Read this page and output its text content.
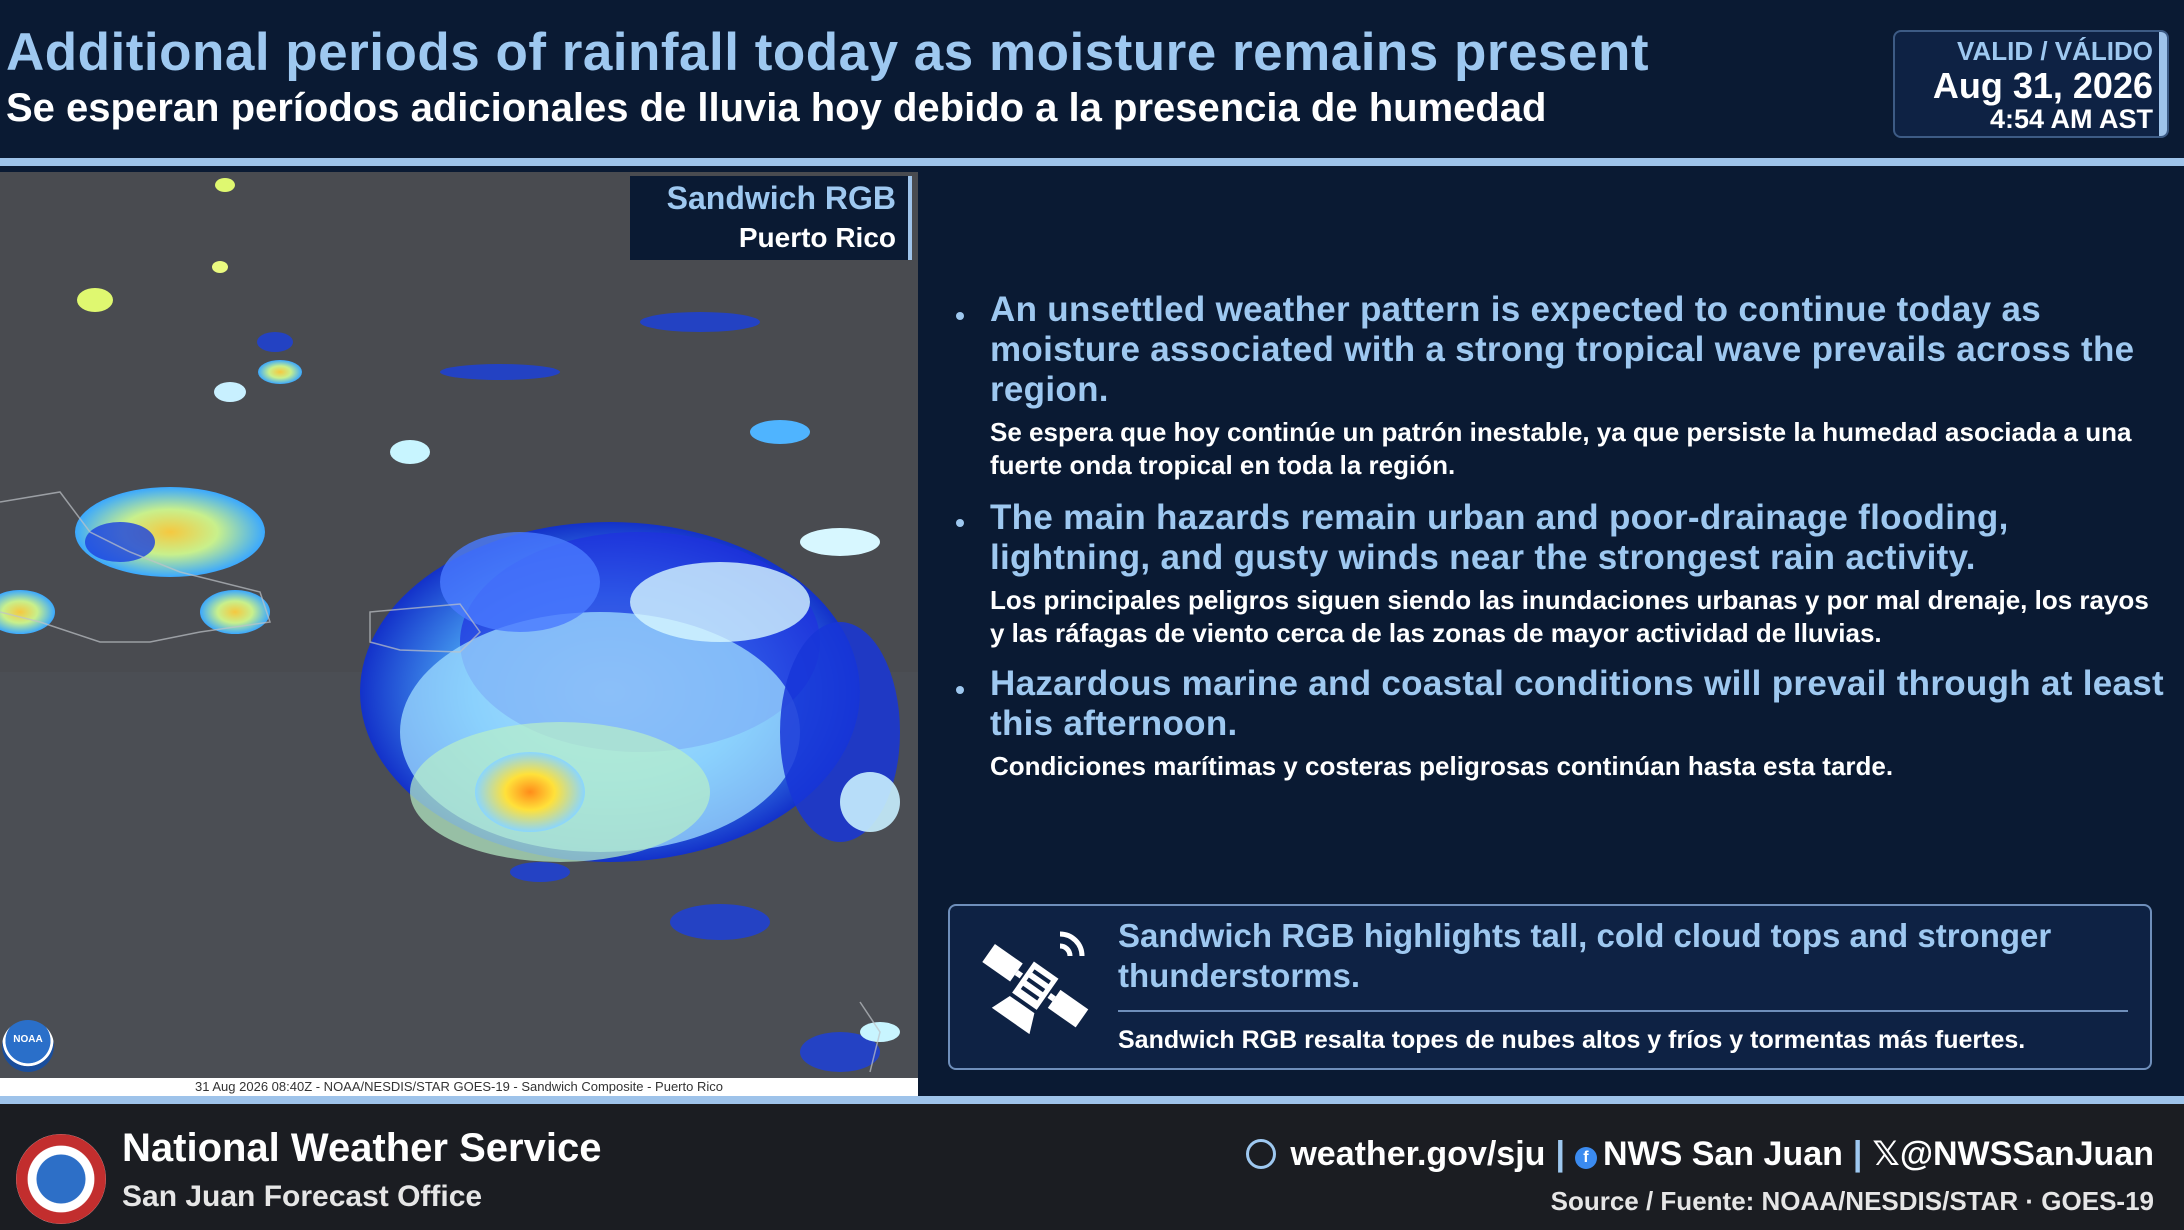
Additional periods of rainfall today as moisture remains present
Se esperan períodos adicionales de lluvia hoy debido a la presencia de humedad
VALID / VÁLIDO
Aug 31, 2026
4:54 AM AST
Sandwich RGB
Puerto Rico
NOAA
31 Aug 2026 08:40Z - NOAA/NESDIS/STAR GOES-19 - Sandwich Composite - Puerto Rico
An unsettled weather pattern is expected to continue today as moisture associated with a strong tropical wave prevails across the region.
Se espera que hoy continúe un patrón inestable, ya que persiste la humedad asociada a una fuerte onda tropical en toda la región.
The main hazards remain urban and poor-drainage flooding, lightning, and gusty winds near the strongest rain activity.
Los principales peligros siguen siendo las inundaciones urbanas y por mal drenaje, los rayos y las ráfagas de viento cerca de las zonas de mayor actividad de lluvias.
Hazardous marine and coastal conditions will prevail through at least this afternoon.
Condiciones marítimas y costeras peligrosas continúan hasta esta tarde.
Sandwich RGB highlights tall, cold cloud tops and stronger thunderstorms.
Sandwich RGB resalta topes de nubes altos y fríos y tormentas más fuertes.
National Weather Service
San Juan Forecast Office
weather.gov/sju | f NWS San Juan | 𝕏@NWSSanJuan
Source / Fuente: NOAA/NESDIS/STAR · GOES-19
